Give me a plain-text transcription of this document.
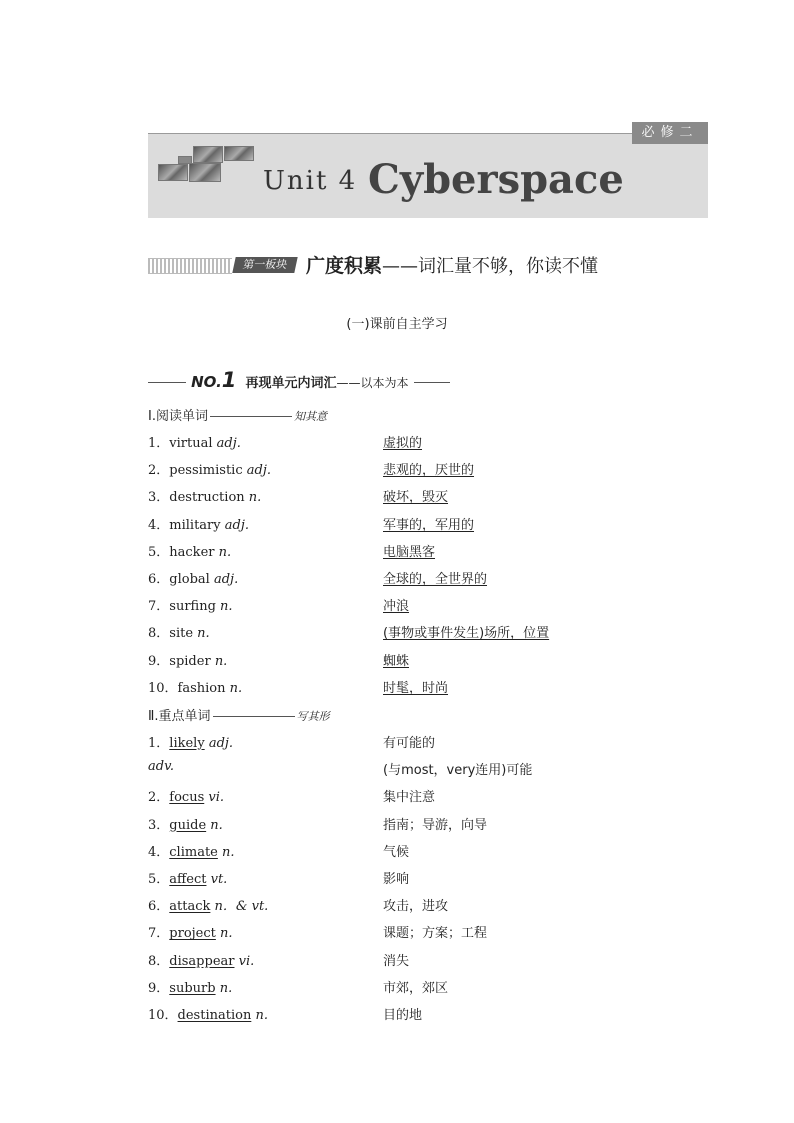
必修二
Unit 4 Cyberspace
第一板块 广度积累——词汇量不够，你读不懂
(一)课前自主学习
NO.1 再现单元内词汇——以本为本
Ⅰ.阅读单词	知其意
1．virtual adj.	虚拟的
2．pessimistic adj.	悲观的，厌世的
3．destruction n.	破坏，毁灭
4．military adj.	军事的，军用的
5．hacker n.	电脑黑客
6．global adj.	全球的，全世界的
7．surfing n.	冲浪
8．site n.	(事物或事件发生)场所，位置
9．spider n.	蜘蛛
10．fashion n.	时髦，时尚
Ⅱ.重点单词	写其形
1．likely adj.	有可能的
adv.	(与most，very连用)可能
2．focus vi.	集中注意
3．guide n.	指南；导游，向导
4．climate n.	气候
5．affect vt.	影响
6．attack n．& vt.	攻击，进攻
7．project n.	课题；方案；工程
8．disappear vi.	消失
9．suburb n.	市郊，郊区
10．destination n.	目的地
